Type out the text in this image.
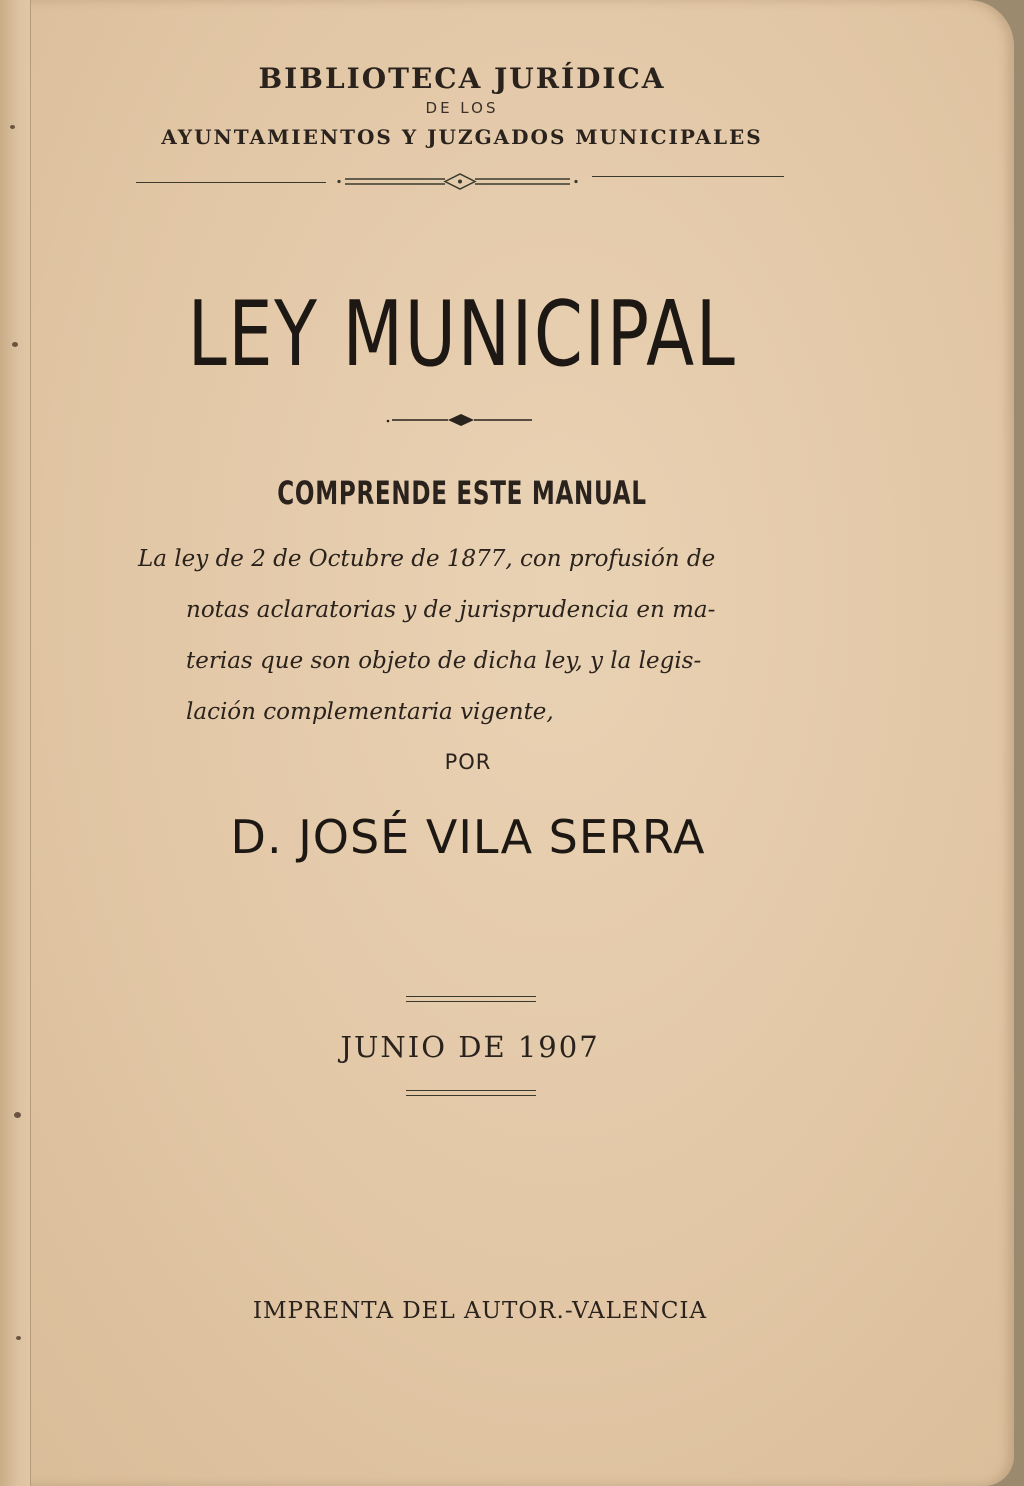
BIBLIOTECA JURÍDICA
DE LOS
AYUNTAMIENTOS Y JUZGADOS MUNICIPALES
LEY MUNICIPAL
COMPRENDE ESTE MANUAL
La ley de 2 de Octubre de 1877, con profusión de
notas aclaratorias y de jurisprudencia en ma-
terias que son objeto de dicha ley, y la legis-
lación complementaria vigente,
POR
D. JOSÉ VILA SERRA
JUNIO DE 1907
IMPRENTA DEL AUTOR.-VALENCIA
